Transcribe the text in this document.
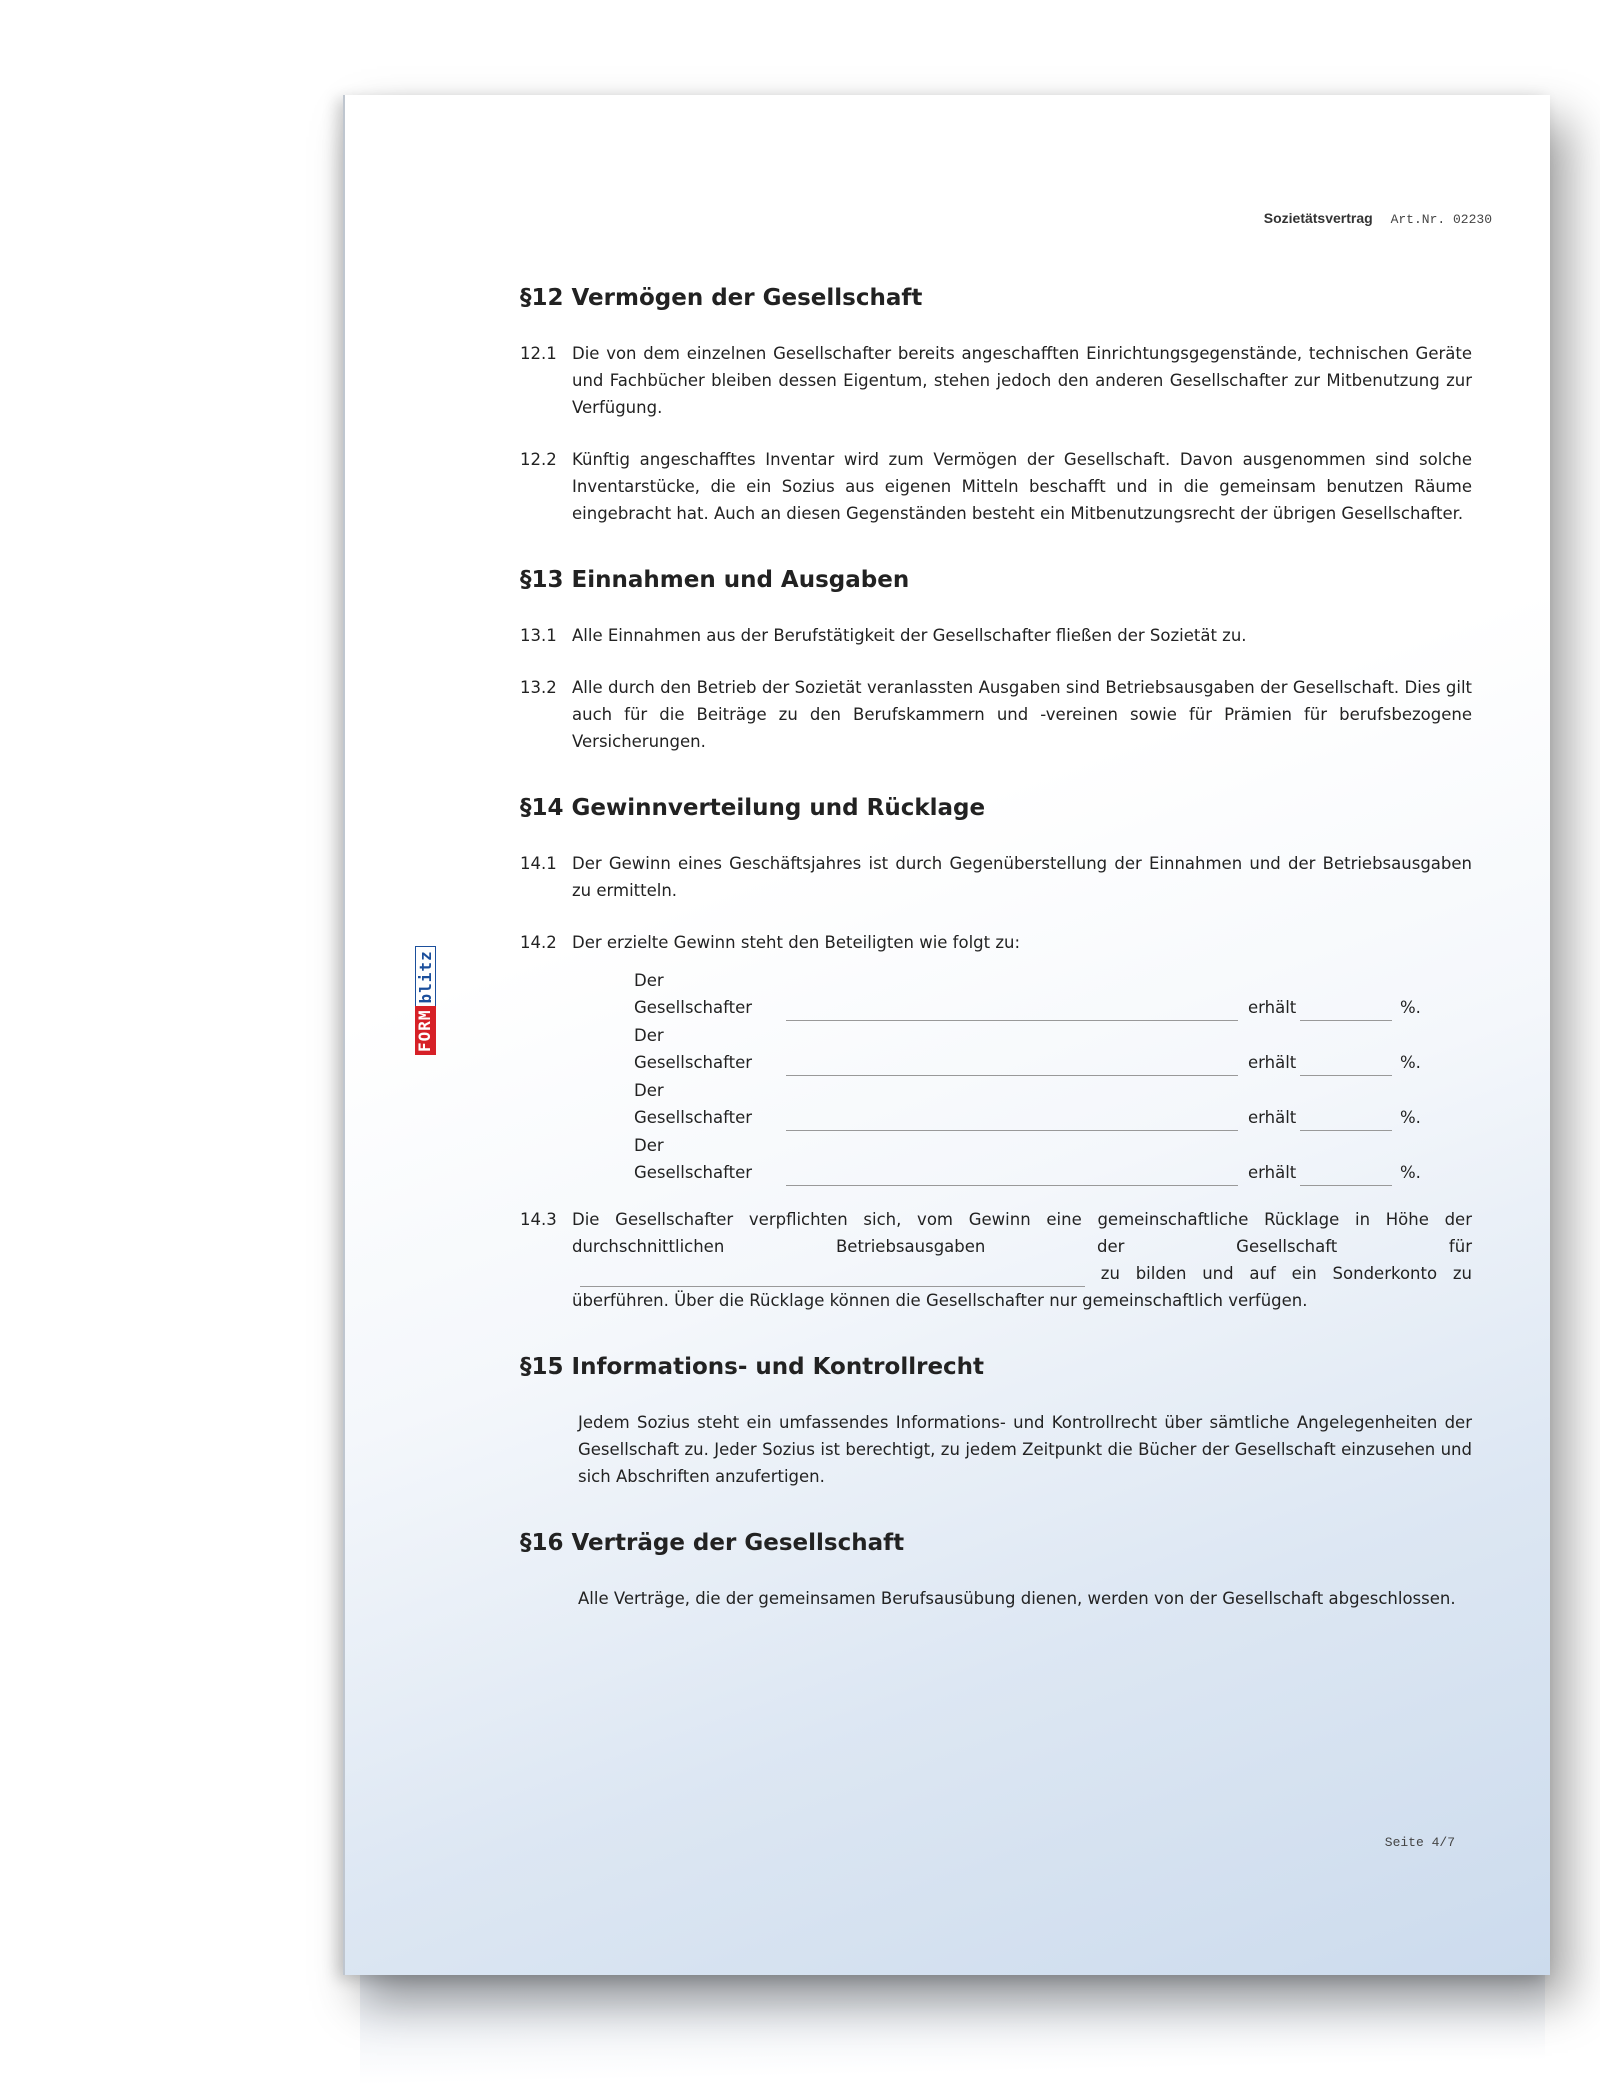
FORM
blitz
Sozietätsvertrag Art.Nr. 02230
§12 Vermögen der Gesellschaft
12.1 Die von dem einzelnen Gesellschafter bereits angeschafften Einrichtungsgegenstände, technischen Geräte und Fachbücher bleiben dessen Eigentum, stehen jedoch den anderen Gesellschafter zur Mitbenutzung zur Verfügung.
12.2 Künftig angeschafftes Inventar wird zum Vermögen der Gesellschaft. Davon ausgenommen sind solche Inventarstücke, die ein Sozius aus eigenen Mitteln beschafft und in die gemeinsam benutzen Räume eingebracht hat. Auch an diesen Gegenständen besteht ein Mitbenutzungsrecht der übrigen Gesellschafter.
§13 Einnahmen und Ausgaben
13.1 Alle Einnahmen aus der Berufstätigkeit der Gesellschafter fließen der Sozietät zu.
13.2 Alle durch den Betrieb der Sozietät veranlassten Ausgaben sind Betriebsausgaben der Gesellschaft. Dies gilt auch für die Beiträge zu den Berufskammern und -vereinen sowie für Prämien für berufsbezogene Versicherungen.
§14 Gewinnverteilung und Rücklage
14.1 Der Gewinn eines Geschäftsjahres ist durch Gegenüberstellung der Einnahmen und der Betriebsausgaben zu ermitteln.
14.2 Der erzielte Gewinn steht den Beteiligten wie folgt zu:
Der Gesellschafter	erhält	%.
Der Gesellschafter	erhält	%.
Der Gesellschafter	erhält	%.
Der Gesellschafter	erhält	%.
14.3 Die Gesellschafter verpflichten sich, vom Gewinn eine gemeinschaftliche Rücklage in Höhe der durchschnittlichen Betriebsausgaben der Gesellschaft für zu bilden und auf ein Sonderkonto zu überführen. Über die Rücklage können die Gesellschafter nur gemeinschaftlich verfügen.
§15 Informations- und Kontrollrecht
Jedem Sozius steht ein umfassendes Informations- und Kontrollrecht über sämtliche Angelegenheiten der Gesellschaft zu. Jeder Sozius ist berechtigt, zu jedem Zeitpunkt die Bücher der Gesellschaft einzusehen und sich Abschriften anzufertigen.
§16 Verträge der Gesellschaft
Alle Verträge, die der gemeinsamen Berufsausübung dienen, werden von der Gesellschaft abgeschlossen.
Seite 4/7
